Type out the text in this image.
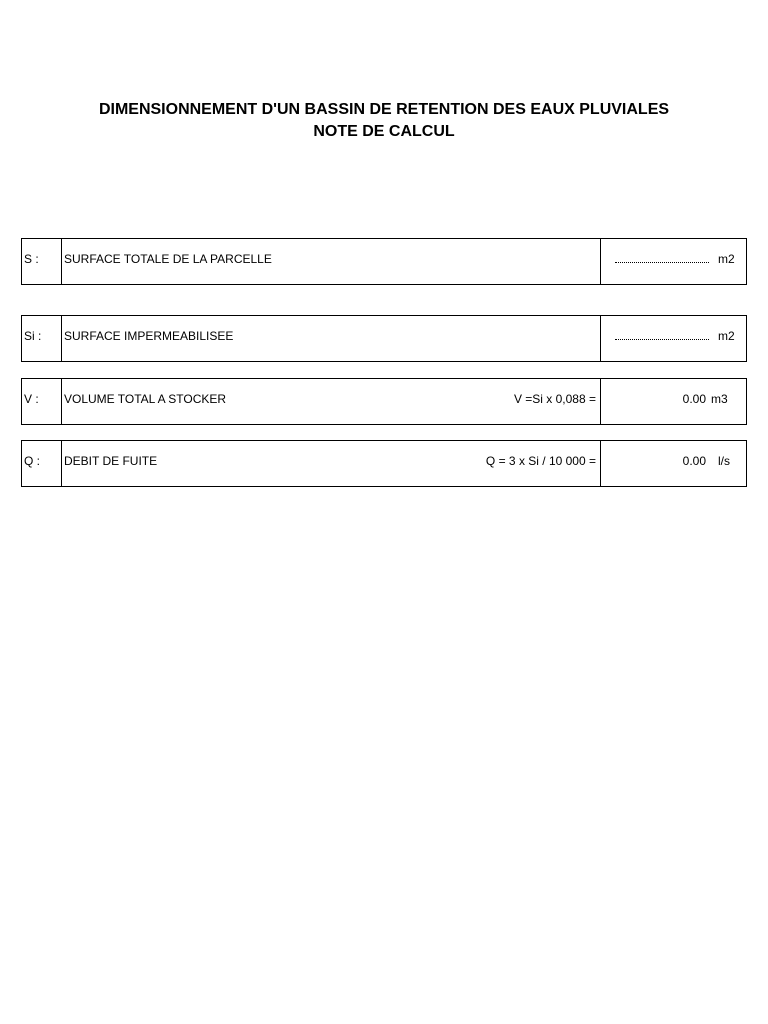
DIMENSIONNEMENT D'UN BASSIN DE RETENTION DES EAUX PLUVIALES
NOTE DE CALCUL
S : SURFACE TOTALE DE LA PARCELLE	m2
Si : SURFACE IMPERMEABILISEE	m2
V : VOLUME TOTAL A STOCKER	V =Si x 0,088 =	0.00 m3
Q : DEBIT DE FUITE	Q = 3 x Si / 10 000 =	0.00 l/s
